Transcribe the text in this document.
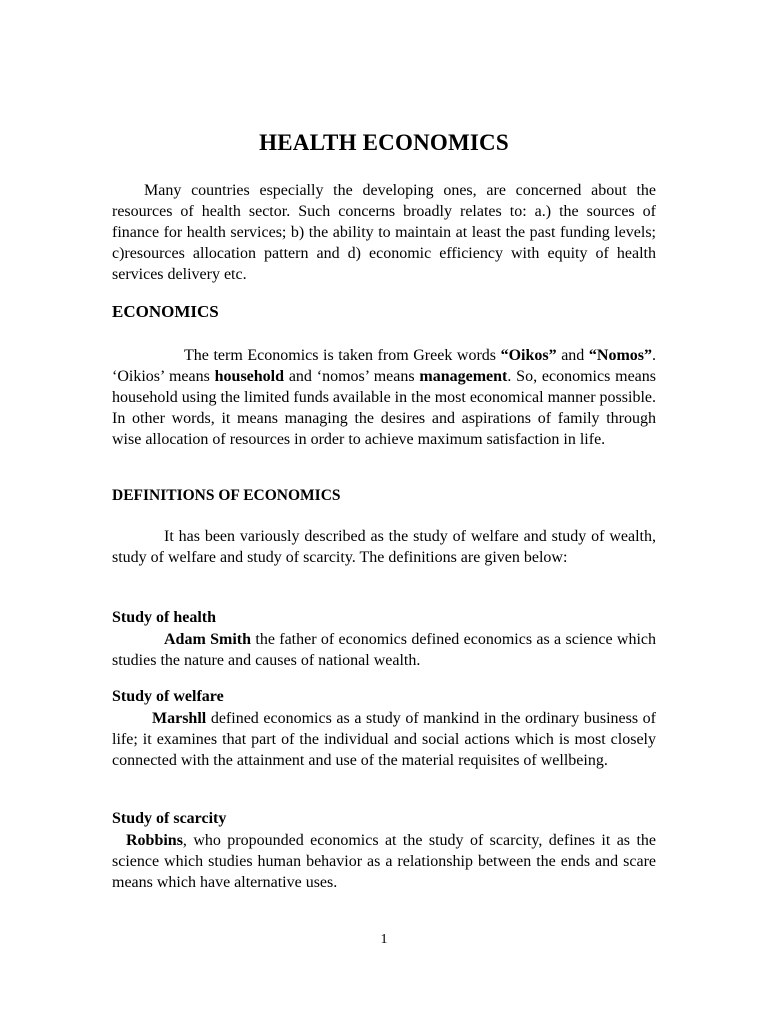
HEALTH ECONOMICS

Many countries especially the developing ones, are concerned about the resources of health sector. Such concerns broadly relates to: a.) the sources of finance for health services; b) the ability to maintain at least the past funding levels; c)resources allocation pattern and d) economic efficiency with equity of health services delivery etc.

ECONOMICS

The term Economics is taken from Greek words “Oikos” and “Nomos”. ‘Oikios’ means household and ‘nomos’ means management. So, economics means household using the limited funds available in the most economical manner possible. In other words, it means managing the desires and aspirations of family through wise allocation of resources in order to achieve maximum satisfaction in life.

DEFINITIONS OF ECONOMICS

It has been variously described as the study of welfare and study of wealth, study of welfare and study of scarcity. The definitions are given below:

Study of health

Adam Smith the father of economics defined economics as a science which studies the nature and causes of national wealth.

Study of welfare

Marshll defined economics as a study of mankind in the ordinary business of life; it examines that part of the individual and social actions which is most closely connected with the attainment and use of the material requisites of wellbeing.

Study of scarcity

Robbins, who propounded economics at the study of scarcity, defines it as the science which studies human behavior as a relationship between the ends and scare means which have alternative uses.

1
